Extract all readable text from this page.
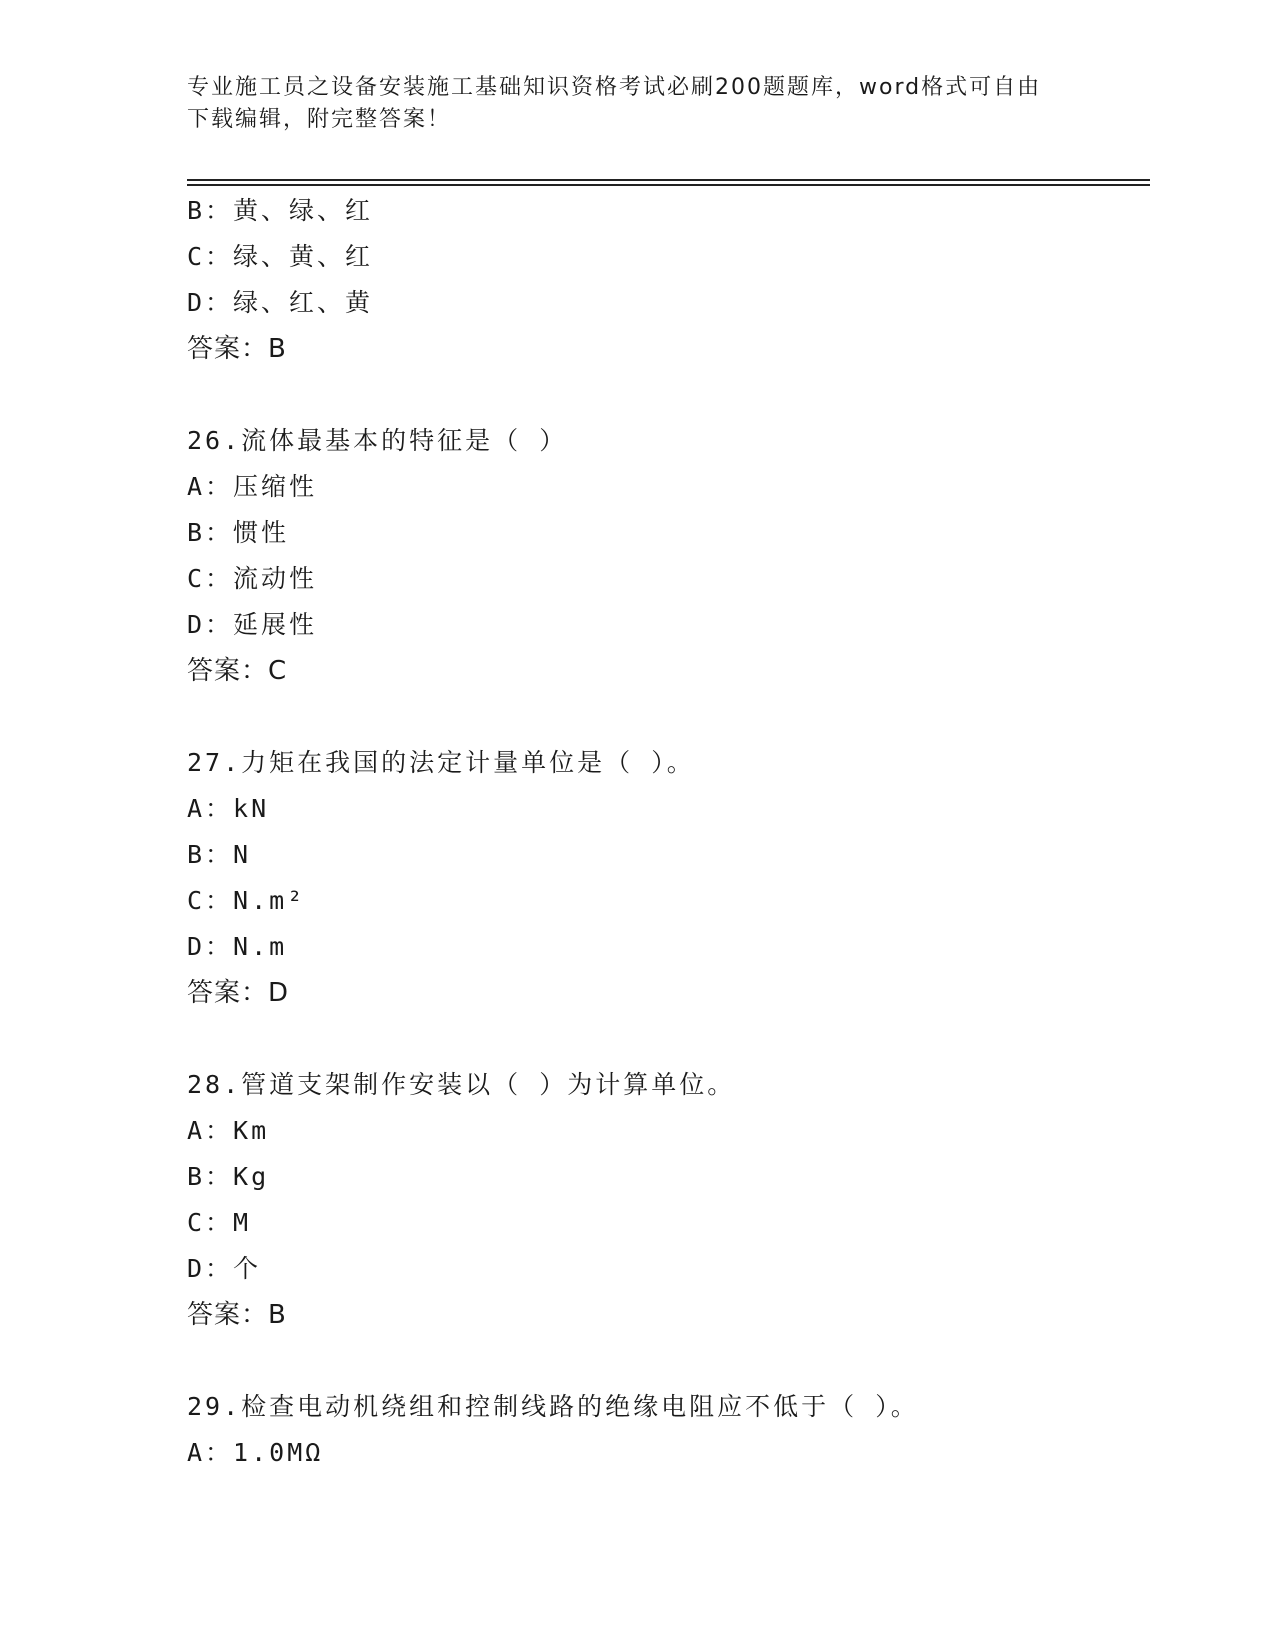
专业施工员之设备安装施工基础知识资格考试必刷200题题库，word格式可自由
下载编辑，附完整答案！
B：黄、绿、红
C：绿、黄、红
D：绿、红、黄
答案：B
26.流体最基本的特征是（ ）
A：压缩性
B：惯性
C：流动性
D：延展性
答案：C
27.力矩在我国的法定计量单位是（ ）。
A：kN
B：N
C：N.m²
D：N.m
答案：D
28.管道支架制作安装以（ ）为计算单位。
A：Km
B：Kg
C：M
D：个
答案：B
29.检查电动机绕组和控制线路的绝缘电阻应不低于（ ）。
A：1.0MΩ
